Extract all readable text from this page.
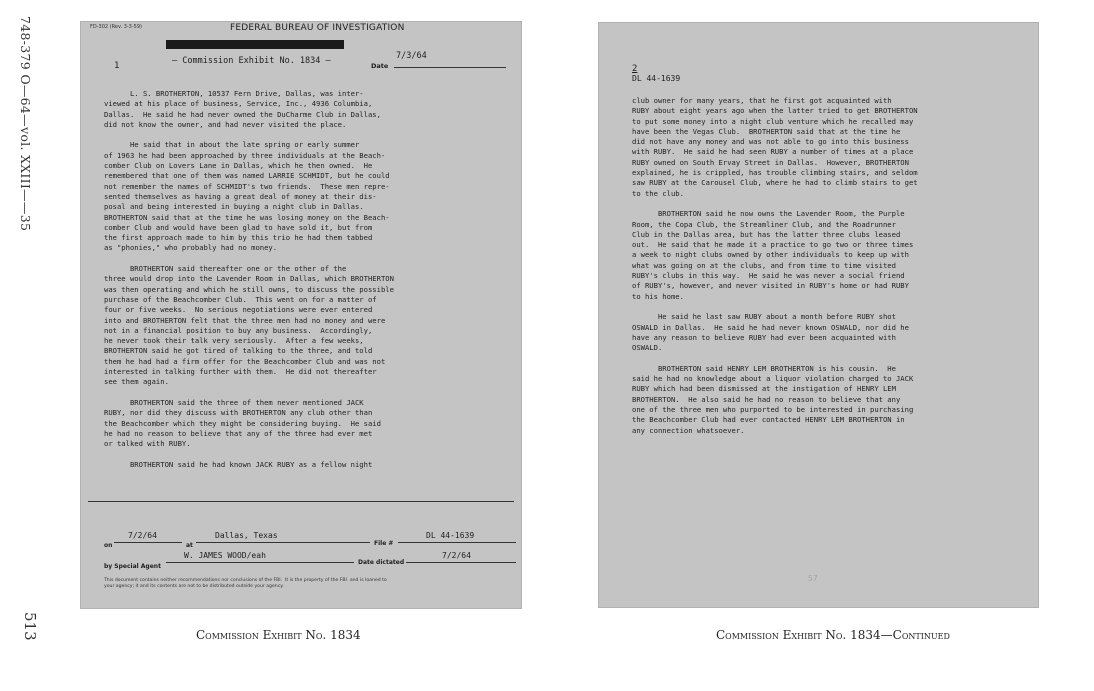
748-379 O—64—vol. XXIII——35
513
FD-302 (Rev. 3-3-59)	FEDERAL BUREAU OF INVESTIGATION
1	— Commission Exhibit No. 1834 —	Date
7/3/64
L. S. BROTHERTON, 10537 Fern Drive, Dallas, was inter-
viewed at his place of business, Service, Inc., 4936 Columbia,
Dallas.  He said he had never owned the DuCharme Club in Dallas,
did not know the owner, and had never visited the place.
He said that in about the late spring or early summer
of 1963 he had been approached by three individuals at the Beach-
comber Club on Lovers Lane in Dallas, which he then owned.  He
remembered that one of them was named LARRIE SCHMIDT, but he could
not remember the names of SCHMIDT's two friends.  These men repre-
sented themselves as having a great deal of money at their dis-
posal and being interested in buying a night club in Dallas.
BROTHERTON said that at the time he was losing money on the Beach-
comber Club and would have been glad to have sold it, but from
the first approach made to him by this trio he had them tabbed
as "phonies," who probably had no money.
BROTHERTON said thereafter one or the other of the
three would drop into the Lavender Room in Dallas, which BROTHERTON
was then operating and which he still owns, to discuss the possible
purchase of the Beachcomber Club.  This went on for a matter of
four or five weeks.  No serious negotiations were ever entered
into and BROTHERTON felt that the three men had no money and were
not in a financial position to buy any business.  Accordingly,
he never took their talk very seriously.  After a few weeks,
BROTHERTON said he got tired of talking to the three, and told
them he had had a firm offer for the Beachcomber Club and was not
interested in talking further with them.  He did not thereafter
see them again.
BROTHERTON said the three of them never mentioned JACK
RUBY, nor did they discuss with BROTHERTON any club other than
the Beachcomber which they might be considering buying.  He said
he had no reason to believe that any of the three had ever met
or talked with RUBY.
BROTHERTON said he had known JACK RUBY as a fellow night
on
7/2/64
at
Dallas, Texas
File #
DL 44-1639
by Special Agent
W. JAMES WOOD/eah
Date dictated
7/2/64
This document contains neither recommendations nor conclusions of the FBI.  It is the property of the FBI  and is loaned to
your agency; it and its contents are not to be distributed outside your agency.
2
DL 44-1639
club owner for many years, that he first got acquainted with
RUBY about eight years ago when the latter tried to get BROTHERTON
to put some money into a night club venture which he recalled may
have been the Vegas Club.  BROTHERTON said that at the time he
did not have any money and was not able to go into this business
with RUBY.  He said he had seen RUBY a number of times at a place
RUBY owned on South Ervay Street in Dallas.  However, BROTHERTON
explained, he is crippled, has trouble climbing stairs, and seldom
saw RUBY at the Carousel Club, where he had to climb stairs to get
to the club.
BROTHERTON said he now owns the Lavender Room, the Purple
Room, the Copa Club, the Streamliner Club, and the Roadrunner
Club in the Dallas area, but has the latter three clubs leased
out.  He said that he made it a practice to go two or three times
a week to night clubs owned by other individuals to keep up with
what was going on at the clubs, and from time to time visited
RUBY's clubs in this way.  He said he was never a social friend
of RUBY's, however, and never visited in RUBY's home or had RUBY
to his home.
He said he last saw RUBY about a month before RUBY shot
OSWALD in Dallas.  He said he had never known OSWALD, nor did he
have any reason to believe RUBY had ever been acquainted with
OSWALD.
BROTHERTON said HENRY LEM BROTHERTON is his cousin.  He
said he had no knowledge about a liquor violation charged to JACK
RUBY which had been dismissed at the instigation of HENRY LEM
BROTHERTON.  He also said he had no reason to believe that any
one of the three men who purported to be interested in purchasing
the Beachcomber Club had ever contacted HENRY LEM BROTHERTON in
any connection whatsoever.
57
Commission Exhibit No. 1834	Commission Exhibit No. 1834—Continued
